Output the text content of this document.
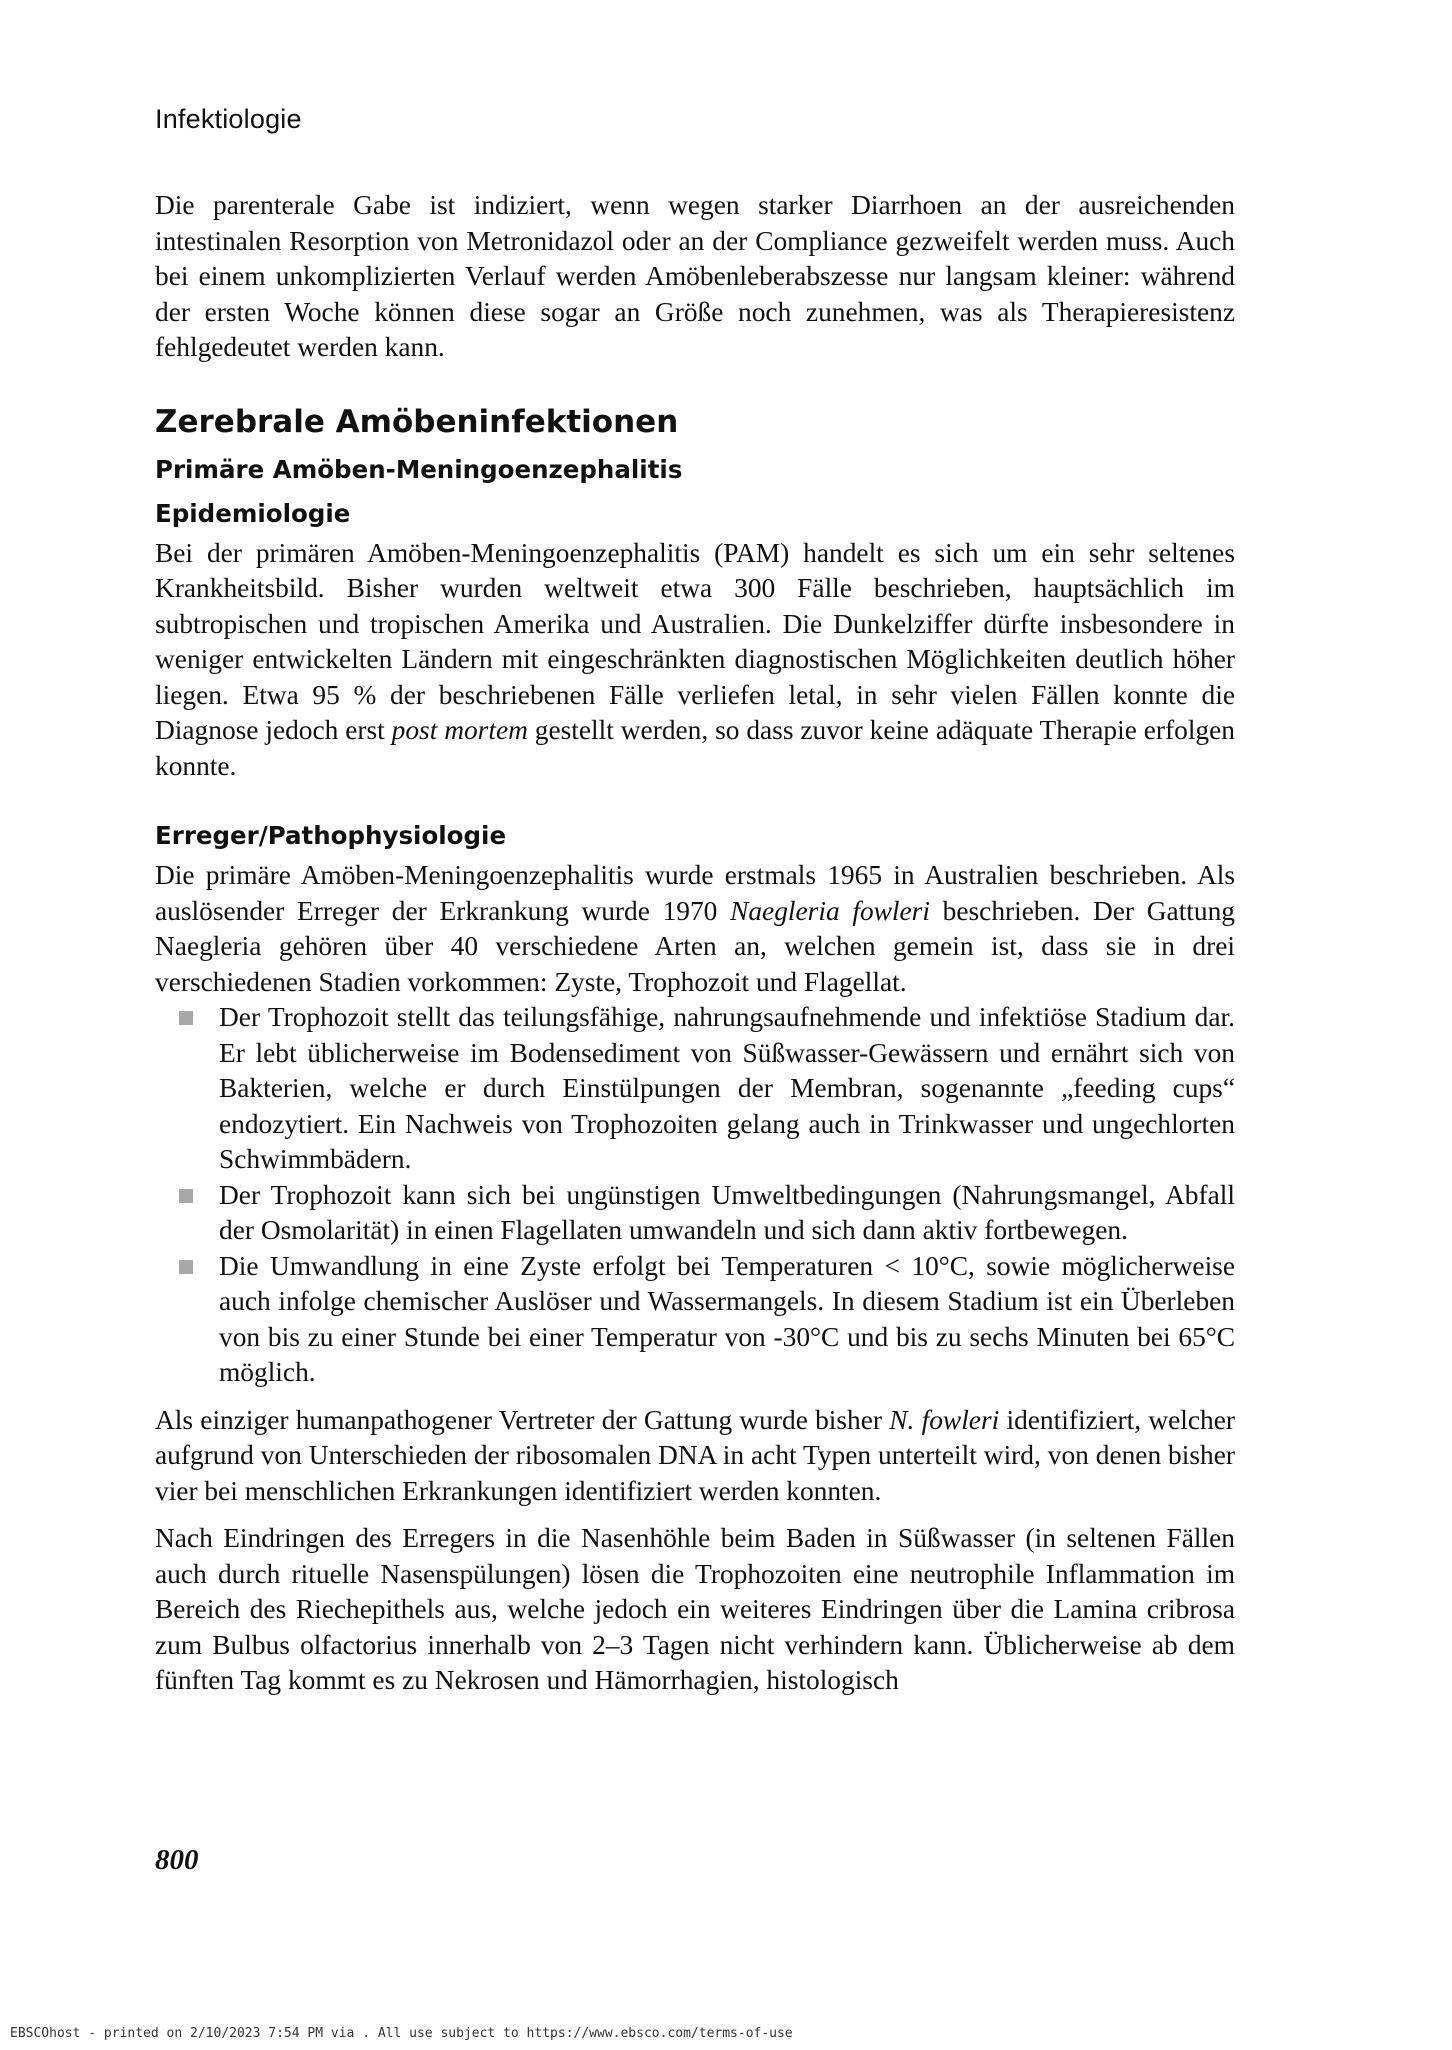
Infektiologie

Die parenterale Gabe ist indiziert, wenn wegen starker Diarrhoen an der ausreichenden intestinalen Resorption von Metronidazol oder an der Compliance gezweifelt werden muss. Auch bei einem unkomplizierten Verlauf werden Amöbenleberabszesse nur langsam kleiner: während der ersten Woche können diese sogar an Größe noch zunehmen, was als Therapieresistenz fehlgedeutet werden kann.

Zerebrale Amöbeninfektionen
Primäre Amöben-Meningoenzephalitis
Epidemiologie

Bei der primären Amöben-Meningoenzephalitis (PAM) handelt es sich um ein sehr seltenes Krankheitsbild. Bisher wurden weltweit etwa 300 Fälle beschrieben, hauptsächlich im subtropischen und tropischen Amerika und Australien. Die Dunkelziffer dürfte insbesondere in weniger entwickelten Ländern mit eingeschränkten diagnostischen Möglichkeiten deutlich höher liegen. Etwa 95 % der beschriebenen Fälle verliefen letal, in sehr vielen Fällen konnte die Diagnose jedoch erst post mortem gestellt werden, so dass zuvor keine adäquate Therapie erfolgen konnte.

Erreger/Pathophysiologie

Die primäre Amöben-Meningoenzephalitis wurde erstmals 1965 in Australien beschrieben. Als auslösender Erreger der Erkrankung wurde 1970 Naegleria fowleri beschrieben. Der Gattung Naegleria gehören über 40 verschiedene Arten an, welchen gemein ist, dass sie in drei verschiedenen Stadien vorkommen: Zyste, Trophozoit und Flagellat.

Der Trophozoit stellt das teilungsfähige, nahrungsaufnehmende und infektiöse Stadium dar. Er lebt üblicherweise im Bodensediment von Süßwasser-Gewässern und ernährt sich von Bakterien, welche er durch Einstülpungen der Membran, sogenannte „feeding cups“ endozytiert. Ein Nachweis von Trophozoiten gelang auch in Trinkwasser und ungechlorten Schwimmbädern.
Der Trophozoit kann sich bei ungünstigen Umweltbedingungen (Nahrungsmangel, Abfall der Osmolarität) in einen Flagellaten umwandeln und sich dann aktiv fortbewegen.
Die Umwandlung in eine Zyste erfolgt bei Temperaturen < 10°C, sowie möglicherweise auch infolge chemischer Auslöser und Wassermangels. In diesem Stadium ist ein Überleben von bis zu einer Stunde bei einer Temperatur von -30°C und bis zu sechs Minuten bei 65°C möglich.

Als einziger humanpathogener Vertreter der Gattung wurde bisher N. fowleri identifiziert, welcher aufgrund von Unterschieden der ribosomalen DNA in acht Typen unterteilt wird, von denen bisher vier bei menschlichen Erkrankungen identifiziert werden konnten.

Nach Eindringen des Erregers in die Nasenhöhle beim Baden in Süßwasser (in seltenen Fällen auch durch rituelle Nasenspülungen) lösen die Trophozoiten eine neutrophile Inflammation im Bereich des Riechepithels aus, welche jedoch ein weiteres Eindringen über die Lamina cribrosa zum Bulbus olfactorius innerhalb von 2–3 Tagen nicht verhindern kann. Üblicherweise ab dem fünften Tag kommt es zu Nekrosen und Hämorrhagien, histologisch

800
EBSCOhost - printed on 2/10/2023 7:54 PM via . All use subject to https://www.ebsco.com/terms-of-use
